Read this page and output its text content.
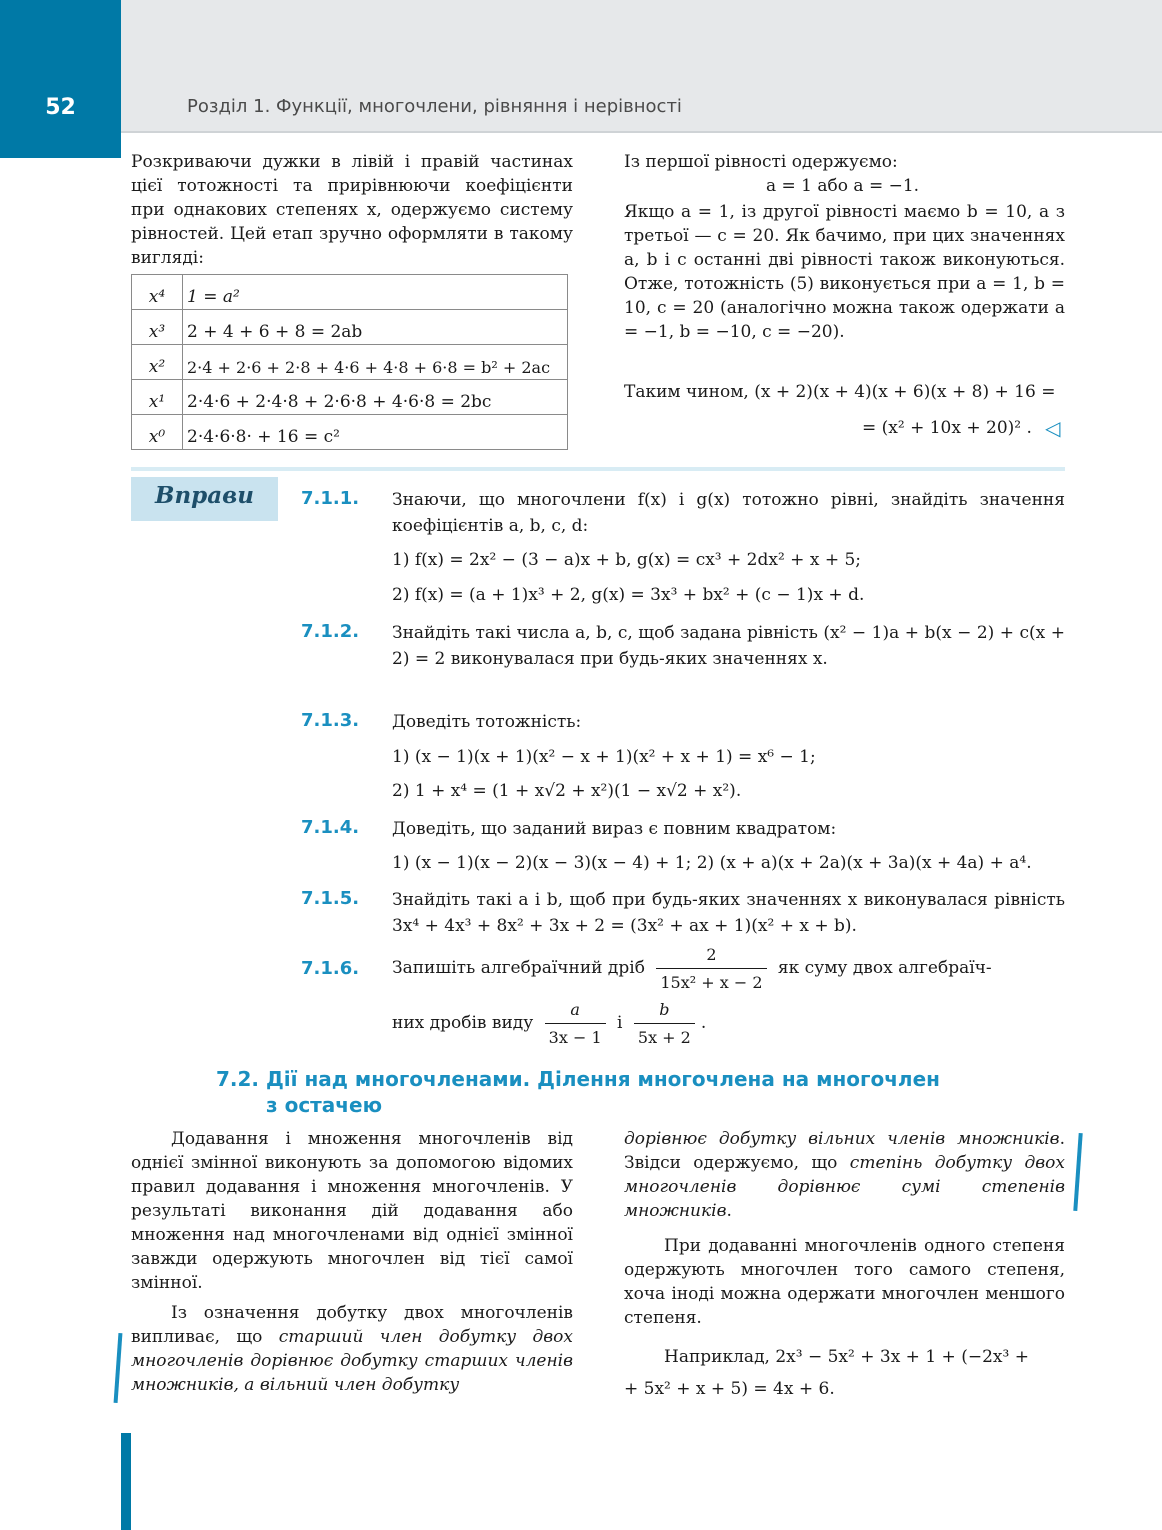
52	Розділ 1. Функції, многочлени, рівняння і нерівності
Розкриваючи дужки в лівій і правій частинах цієї тотожності та прирівнюючи коефіцієнти при однакових степенях x, одержуємо систему рівностей. Цей етап зручно оформляти в такому вигляді:
x⁴	1 = a²
x³	2 + 4 + 6 + 8 = 2ab
x²	2·4 + 2·6 + 2·8 + 4·6 + 4·8 + 6·8 = b² + 2ac
x¹	2·4·6 + 2·4·8 + 2·6·8 + 4·6·8 = 2bc
x⁰	2·4·6·8· + 16 = c²
Із першої рівності одержуємо:
a = 1 або a = −1.
Якщо a = 1, із другої рівності маємо b = 10, а з третьої — c = 20. Як бачимо, при цих значеннях a, b і c останні дві рівності також виконуються. Отже, тотожність (5) виконується при a = 1, b = 10, c = 20 (аналогічно можна також одержати a = −1, b = −10, c = −20).
Таким чином, (x + 2)(x + 4)(x + 6)(x + 8) + 16 =
= (x² + 10x + 20)² . ◁
Вправи	7.1.1. Знаючи, що многочлени f(x) і g(x) тотожно рівні, знайдіть значення коефіцієнтів a, b, c, d:
1) f(x) = 2x² − (3 − a)x + b, g(x) = cx³ + 2dx² + x + 5;
2) f(x) = (a + 1)x³ + 2, g(x) = 3x³ + bx² + (c − 1)x + d.
7.1.2. Знайдіть такі числа a, b, c, щоб задана рівність (x² − 1)a + b(x − 2) + c(x + 2) = 2 виконувалася при будь-яких значеннях x.
7.1.3. Доведіть тотожність:
1) (x − 1)(x + 1)(x² − x + 1)(x² + x + 1) = x⁶ − 1;
2) 1 + x⁴ = (1 + x√2 + x²)(1 − x√2 + x²).
7.1.4. Доведіть, що заданий вираз є повним квадратом:
1) (x − 1)(x − 2)(x − 3)(x − 4) + 1; 2) (x + a)(x + 2a)(x + 3a)(x + 4a) + a⁴.
7.1.5. Знайдіть такі a і b, щоб при будь-яких значеннях x виконувалася рівність 3x⁴ + 4x³ + 8x² + 3x + 2 = (3x² + ax + 1)(x² + x + b).
7.1.6. Запишіть алгебраїчний дріб $\frac{2}{\text{15x² + x − 2}}$ як суму двох алгебраїч-
них дробів виду $\frac{a}{3x - 1}$ і $\frac{b}{5x + 2}$ .
7.2. Дії над многочленами. Ділення многочлена на многочлен
з остачею
Додавання і множення многочленів від однієї змінної виконують за допомогою відомих правил додавання і множення многочленів. У результаті виконання дій додавання або множення над многочленами від однієї змінної завжди одержують многочлен від тієї самої змінної.
Із означення добутку двох многочленів випливає, що старший член добутку двох многочленів дорівнює добутку старших членів множників, а вільний член добутку
дорівнює добутку вільних членів множників. Звідси одержуємо, що степінь добутку двох многочленів дорівнює сумі степенів множників.
При додаванні многочленів одного степеня одержують многочлен того самого степеня, хоча іноді можна одержати многочлен меншого степеня.
Наприклад, 2x³ − 5x² + 3x + 1 + (−2x³ +
+ 5x² + x + 5) = 4x + 6.
